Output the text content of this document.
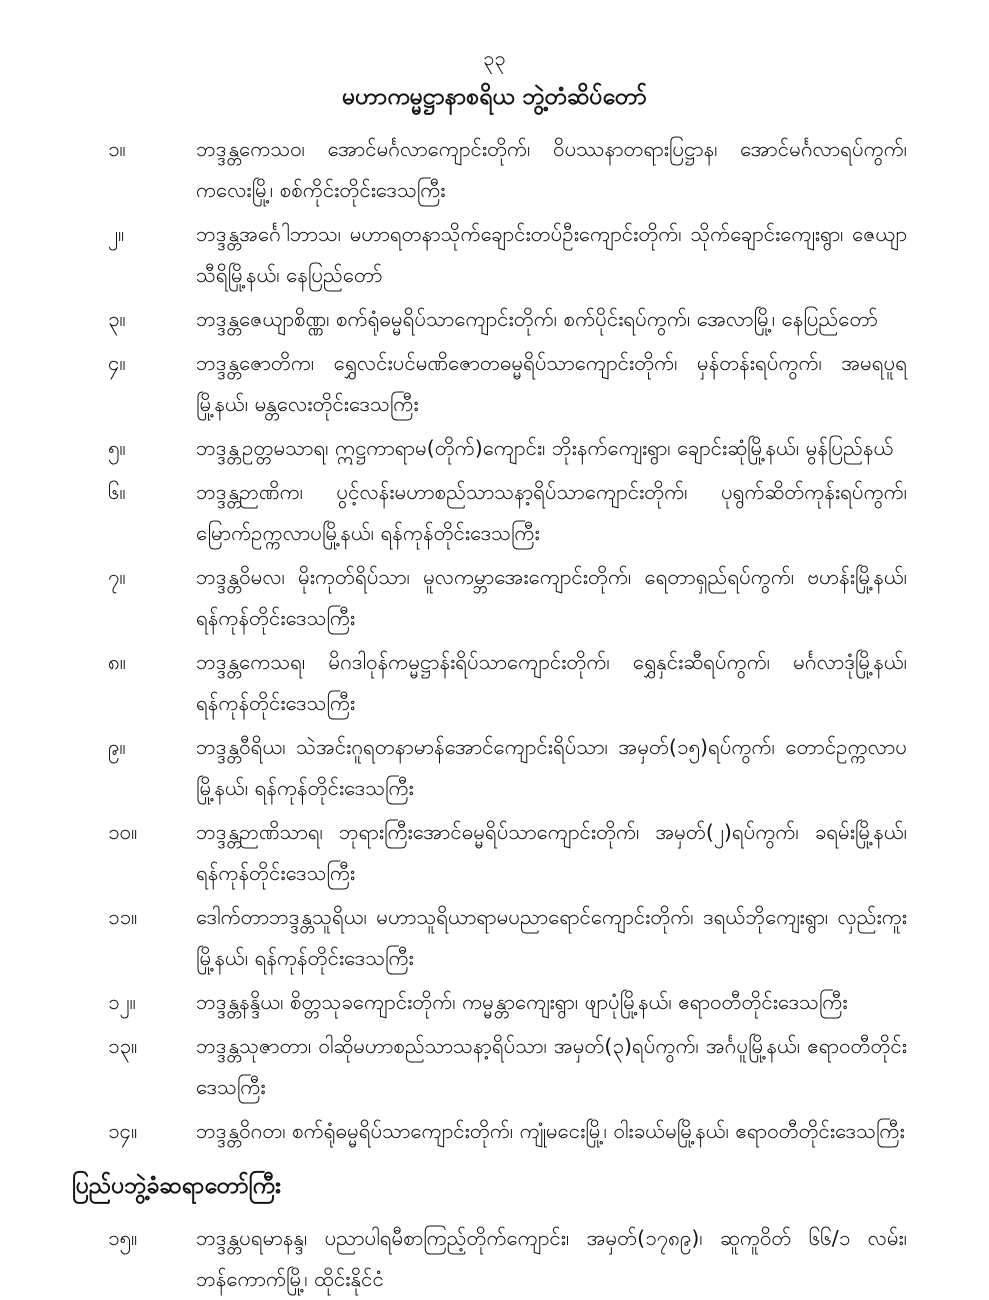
၃၃
မဟာကမ္မဋ္ဌာနာစရိယ ဘွဲ့တံဆိပ်တော်
၁။	ဘဒ္ဒန္တကေသဝ၊ အောင်မင်္ဂလာကျောင်းတိုက်၊ ဝိပဿနာတရားပြဋ္ဌာန၊ အောင်မင်္ဂလာရပ်ကွက်၊ ကလေးမြို့၊ စစ်ကိုင်းတိုင်းဒေသကြီး
၂။	ဘဒ္ဒန္တအင်္ဂေါဘာသ၊ မဟာရတနာသိုက်ချောင်းတပ်ဦးကျောင်းတိုက်၊ သိုက်ချောင်းကျေးရွာ၊ ဇေယျာသီရိမြို့နယ်၊ နေပြည်တော်
၃။	ဘဒ္ဒန္တဇေယျာစိဏ္ဏ၊ စက်ရုံဓမ္မရိပ်သာကျောင်းတိုက်၊ စက်ပိုင်းရပ်ကွက်၊ အေလာမြို့၊ နေပြည်တော်
၄။	ဘဒ္ဒန္တဇောတိက၊ ရွှေလင်းပင်မဏိဇောတဓမ္မရိပ်သာကျောင်းတိုက်၊ မှန်တန်းရပ်ကွက်၊ အမရပူရမြို့နယ်၊ မန္တလေးတိုင်းဒေသကြီး
၅။	ဘဒ္ဒန္တဥတ္တမသာရ၊ ဣဋ္ဌကာရာမ(တိုက်)ကျောင်း၊ ဘိုးနက်ကျေးရွာ၊ ချောင်းဆုံမြို့နယ်၊ မွန်ပြည်နယ်
၆။	ဘဒ္ဒန္တဉာဏိက၊ ပွင့်လန်းမဟာစည်သာသနာ့ရိပ်သာကျောင်းတိုက်၊ ပုရွက်ဆိတ်ကုန်းရပ်ကွက်၊ မြောက်ဥက္ကလာပမြို့နယ်၊ ရန်ကုန်တိုင်းဒေသကြီး
၇။	ဘဒ္ဒန္တဝိမလ၊ မိုးကုတ်ရိပ်သာ၊ မူလကမ္ဘာအေးကျောင်းတိုက်၊ ရေတာရှည်ရပ်ကွက်၊ ဗဟန်းမြို့နယ်၊ ရန်ကုန်တိုင်းဒေသကြီး
၈။	ဘဒ္ဒန္တကေသရ၊ မိဂဒါဝုန်ကမ္မဋ္ဌာန်းရိပ်သာကျောင်းတိုက်၊ ရွှေနှင်းဆီရပ်ကွက်၊ မင်္ဂလာဒုံမြို့နယ်၊ ရန်ကုန်တိုင်းဒေသကြီး
၉။	ဘဒ္ဒန္တဝီရိယ၊ သဲအင်းဂူရတနာမာန်အောင်ကျောင်းရိပ်သာ၊ အမှတ်(၁၅)ရပ်ကွက်၊ တောင်ဥက္ကလာပမြို့နယ်၊ ရန်ကုန်တိုင်းဒေသကြီး
၁၀။	ဘဒ္ဒန္တဉာဏိသာရ၊ ဘုရားကြီးအောင်ဓမ္မရိပ်သာကျောင်းတိုက်၊ အမှတ်(၂)ရပ်ကွက်၊ ခရမ်းမြို့နယ်၊ ရန်ကုန်တိုင်းဒေသကြီး
၁၁။	ဒေါက်တာဘဒ္ဒန္တသူရိယ၊ မဟာသူရိယာရာမပညာရောင်ကျောင်းတိုက်၊ ဒရယ်ဘိုကျေးရွာ၊ လှည်းကူးမြို့နယ်၊ ရန်ကုန်တိုင်းဒေသကြီး
၁၂။	ဘဒ္ဒန္တနန္ဒိယ၊ စိတ္တသုခကျောင်းတိုက်၊ ကမ္မန္တာကျေးရွာ၊ ဖျာပုံမြို့နယ်၊ ဧရာဝတီတိုင်းဒေသကြီး
၁၃။	ဘဒ္ဒန္တသုဇာတာ၊ ဝါဆိုမဟာစည်သာသနာ့ရိပ်သာ၊ အမှတ်(၃)ရပ်ကွက်၊ အင်္ဂပူမြို့နယ်၊ ဧရာဝတီတိုင်းဒေသကြီး
၁၄။	ဘဒ္ဒန္တဝိဂတ၊ စက်ရုံဓမ္မရိပ်သာကျောင်းတိုက်၊ ကျုံမငေးမြို့၊ ဝါးခယ်မမြို့နယ်၊ ဧရာဝတီတိုင်းဒေသကြီး
ပြည်ပဘွဲ့ခံဆရာတော်ကြီး
၁၅။	ဘဒ္ဒန္တပရမာနန္ဒ၊ ပညာပါရမီစာကြည့်တိုက်ကျောင်း၊ အမှတ်(၁၇၈၉)၊ ဆူကူဝိတ် ၆၆/၁ လမ်း၊ ဘန်ကောက်မြို့၊ ထိုင်းနိုင်ငံ
